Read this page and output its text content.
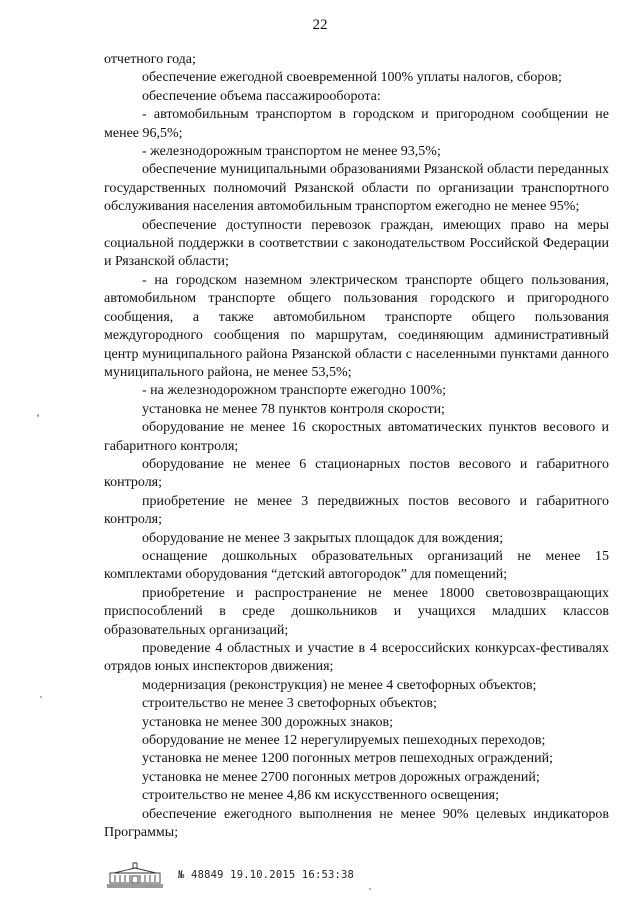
22

отчетного года;

обеспечение ежегодной своевременной 100% уплаты налогов, сборов;

обеспечение объема пассажирооборота:

- автомобильным транспортом в городском и пригородном сообщении не менее 96,5%;

- железнодорожным транспортом не менее 93,5%;

обеспечение муниципальными образованиями Рязанской области переданных государственных полномочий Рязанской области по организации транспортного обслуживания населения автомобильным транспортом ежегодно не менее 95%;

обеспечение доступности перевозок граждан, имеющих право на меры социальной поддержки в соответствии с законодательством Российской Федерации и Рязанской области;

- на городском наземном электрическом транспорте общего пользования, автомобильном транспорте общего пользования городского и пригородного сообщения, а также автомобильном транспорте общего пользования междугородного сообщения по маршрутам, соединяющим административный центр муниципального района Рязанской области с населенными пунктами данного муниципального района, не менее 53,5%;

- на железнодорожном транспорте ежегодно 100%;

установка не менее 78 пунктов контроля скорости;

оборудование не менее 16 скоростных автоматических пунктов весового и габаритного контроля;

оборудование не менее 6 стационарных постов весового и габаритного контроля;

приобретение не менее 3 передвижных постов весового и габаритного контроля;

оборудование не менее 3 закрытых площадок для вождения;

оснащение дошкольных образовательных организаций не менее 15 комплектами оборудования “детский автогородок” для помещений;

приобретение и распространение не менее 18000 световозвращающих приспособлений в среде дошкольников и учащихся младших классов образовательных организаций;

проведение 4 областных и участие в 4 всероссийских конкурсах-фестивалях отрядов юных инспекторов движения;

модернизация (реконструкция) не менее 4 светофорных объектов;

строительство не менее 3 светофорных объектов;

установка не менее 300 дорожных знаков;

оборудование не менее 12 нерегулируемых пешеходных переходов;

установка не менее 1200 погонных метров пешеходных ограждений;

установка не менее 2700 погонных метров дорожных ограждений;

строительство не менее 4,86 км искусственного освещения;

обеспечение ежегодного выполнения не менее 90% целевых индикаторов Программы;

№ 48849 19.10.2015 16:53:38
